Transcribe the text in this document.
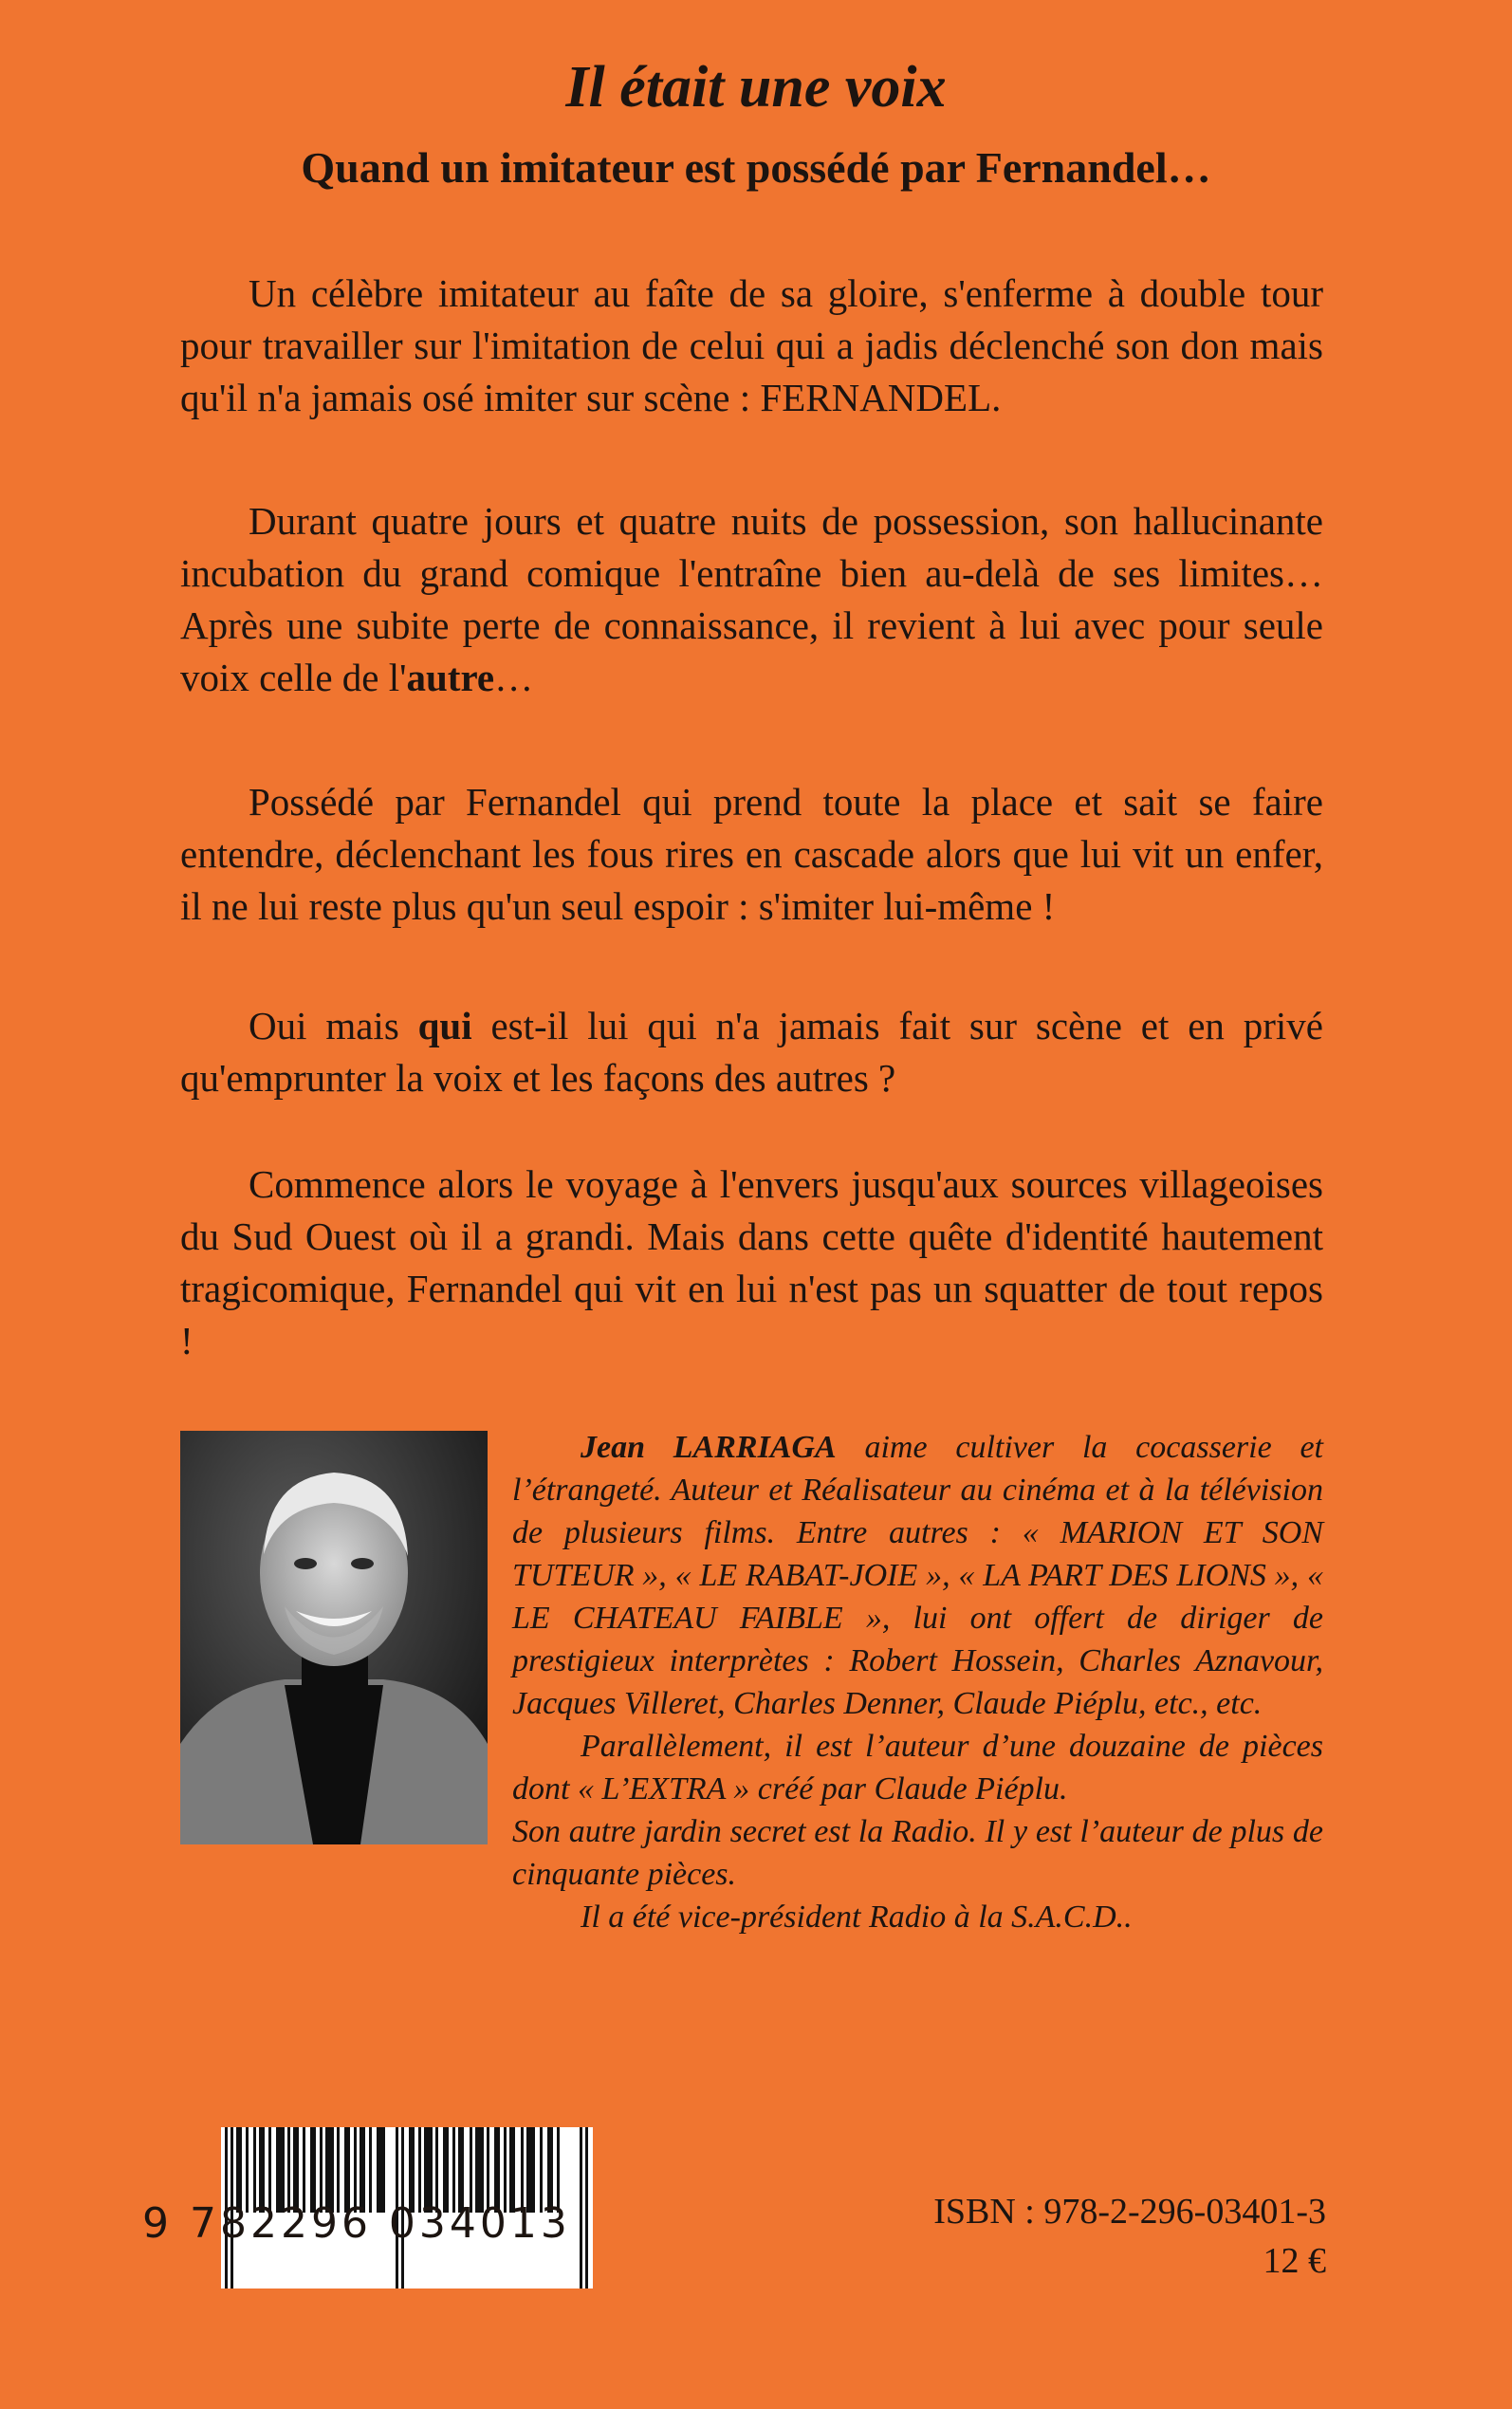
Il était une voix
Quand un imitateur est possédé par Fernandel…

Un célèbre imitateur au faîte de sa gloire, s'enferme à double tour pour travailler sur l'imitation de celui qui a jadis déclenché son don mais qu'il n'a jamais osé imiter sur scène : FERNANDEL.

Durant quatre jours et quatre nuits de possession, son hallucinante incubation du grand comique l'entraîne bien au-delà de ses limites… Après une subite perte de connaissance, il revient à lui avec pour seule voix celle de l'autre…

Possédé par Fernandel qui prend toute la place et sait se faire entendre, déclenchant les fous rires en cascade alors que lui vit un enfer, il ne lui reste plus qu'un seul espoir : s'imiter lui-même !

Oui mais qui est-il lui qui n'a jamais fait sur scène et en privé qu'emprunter la voix et les façons des autres ?

Commence alors le voyage à l'envers jusqu'aux sources villageoises du Sud Ouest où il a grandi. Mais dans cette quête d'identité hautement tragicomique, Fernandel qui vit en lui n'est pas un squatter de tout repos !

Jean LARRIAGA aime cultiver la cocasserie et l’étrangeté. Auteur et Réalisateur au cinéma et à la télévision de plusieurs films. Entre autres : « MARION ET SON TUTEUR », « LE RABAT-JOIE », « LA PART DES LIONS », « LE CHATEAU FAIBLE », lui ont offert de diriger de prestigieux interprètes : Robert Hossein, Charles Aznavour, Jacques Villeret, Charles Denner, Claude Piéplu, etc., etc.

Parallèlement, il est l’auteur d’une douzaine de pièces dont « L’EXTRA » créé par Claude Piéplu.

Son autre jardin secret est la Radio. Il y est l’auteur de plus de cinquante pièces.

Il a été vice-président Radio à la S.A.C.D..

9 782296 034013	ISBN : 978-2-296-03401-3

12 €
